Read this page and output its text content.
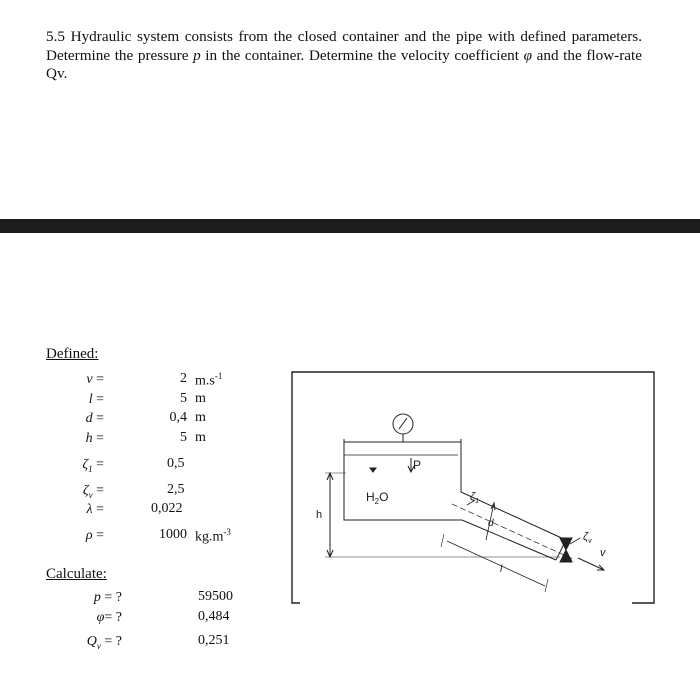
5.5 Hydraulic system consists from the closed container and the pipe with defined parameters. Determine the pressure p in the container. Determine the velocity coefficient φ and the flow-rate Qv.
Defined:
v =	2 $m.s^{-1}$
l =	5 m
d =	0,4 m
h =	5 m
$\zeta_1$ =	0,5
$\zeta_v$ =	2,5
λ =	0,022
ρ =	1000 $kg.m^{-3}$
Calculate:
p = ?	59500
φ= ?	0,484
$Q_v$ = ?	0,251
P
$H_2O$
h
$\zeta_1$
$\zeta_v$
v
d
l
